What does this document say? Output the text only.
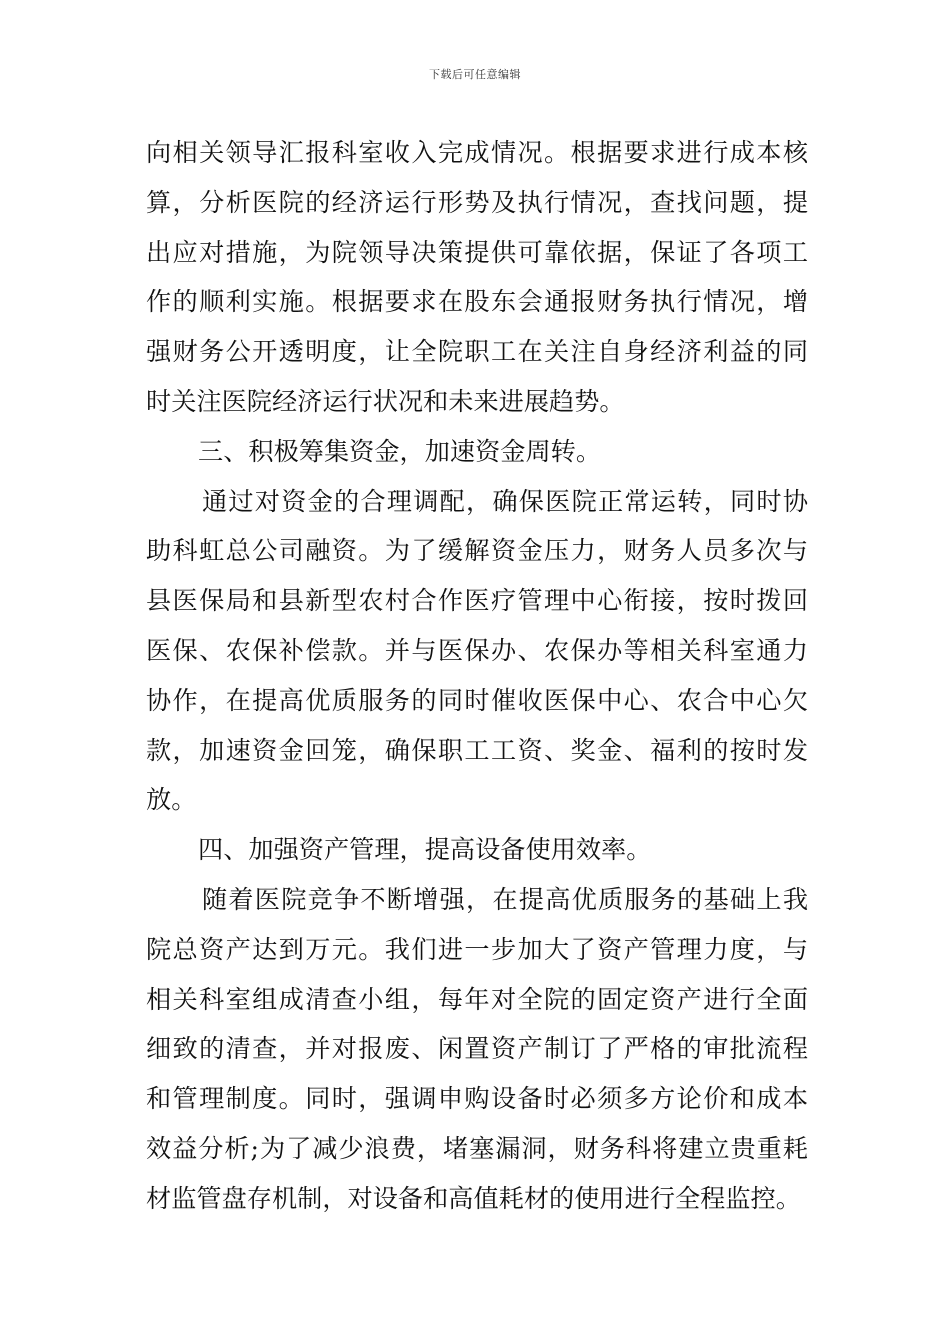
下载后可任意编辑
向相关领导汇报科室收入完成情况。根据要求进行成本核
算，分析医院的经济运行形势及执行情况，查找问题，提
出应对措施，为院领导决策提供可靠依据，保证了各项工
作的顺利实施。根据要求在股东会通报财务执行情况，增
强财务公开透明度，让全院职工在关注自身经济利益的同
时关注医院经济运行状况和未来进展趋势。
三、积极筹集资金，加速资金周转。
通过对资金的合理调配，确保医院正常运转，同时协
助科虹总公司融资。为了缓解资金压力，财务人员多次与
县医保局和县新型农村合作医疗管理中心衔接，按时拨回
医保、农保补偿款。并与医保办、农保办等相关科室通力
协作，在提高优质服务的同时催收医保中心、农合中心欠
款，加速资金回笼，确保职工工资、奖金、福利的按时发
放。
四、加强资产管理，提高设备使用效率。
随着医院竞争不断增强，在提高优质服务的基础上我
院总资产达到万元。我们进一步加大了资产管理力度，与
相关科室组成清查小组，每年对全院的固定资产进行全面
细致的清查，并对报废、闲置资产制订了严格的审批流程
和管理制度。同时，强调申购设备时必须多方论价和成本
效益分析;为了减少浪费，堵塞漏洞，财务科将建立贵重耗
材监管盘存机制，对设备和高值耗材的使用进行全程监控。
